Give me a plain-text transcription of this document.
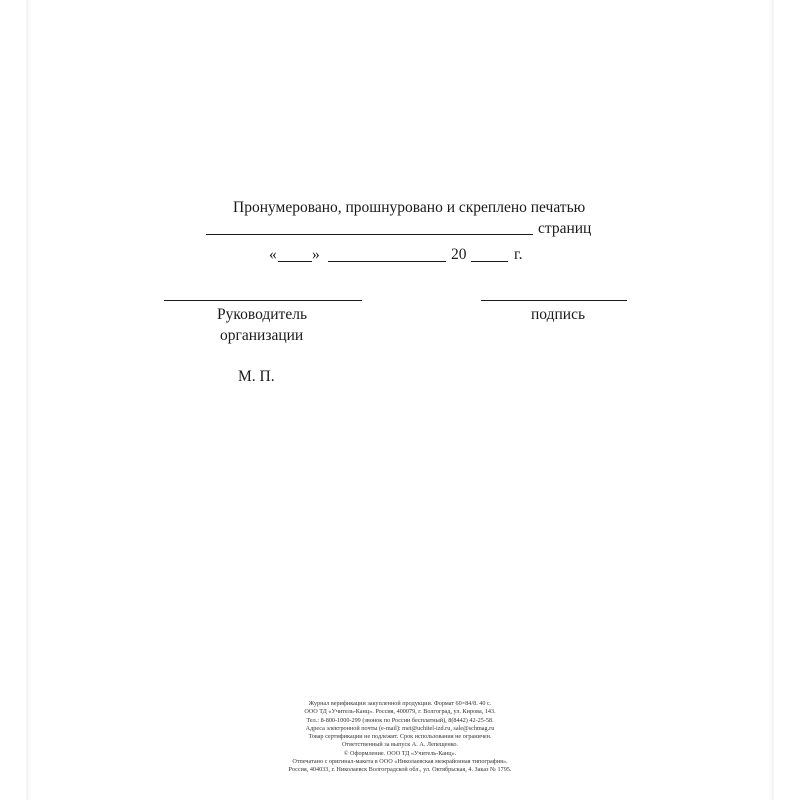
Пронумеровано, прошнуровано и скреплено печатью
страниц
« »	20	г.
Руководитель
организации
подпись
М. П.
Журнал верификации закупленной продукции. Формат 60×84/8. 40 с.
ООО ТД «Учитель-Канц». Россия, 400079, г. Волгоград, ул. Кирова, 143.
Тел.: 8-800-1000-299 (звонок по России бесплатный), 8(8442) 42-25-58.
Адреса электронной почты (e-mail): met@uchitel-izd.ru, sale@schmag.ru
Товар сертификации не подлежит. Срок использования не ограничен.
Ответственный за выпуск А. А. Лепещенко.
© Оформление. ООО ТД «Учитель-Канц».
Отпечатано с оригинал-макета в ООО «Николаевская межрайонная типография».
Россия, 404033, г. Николаевск Волгоградской обл., ул. Октябрьская, 4. Заказ № 1795.
